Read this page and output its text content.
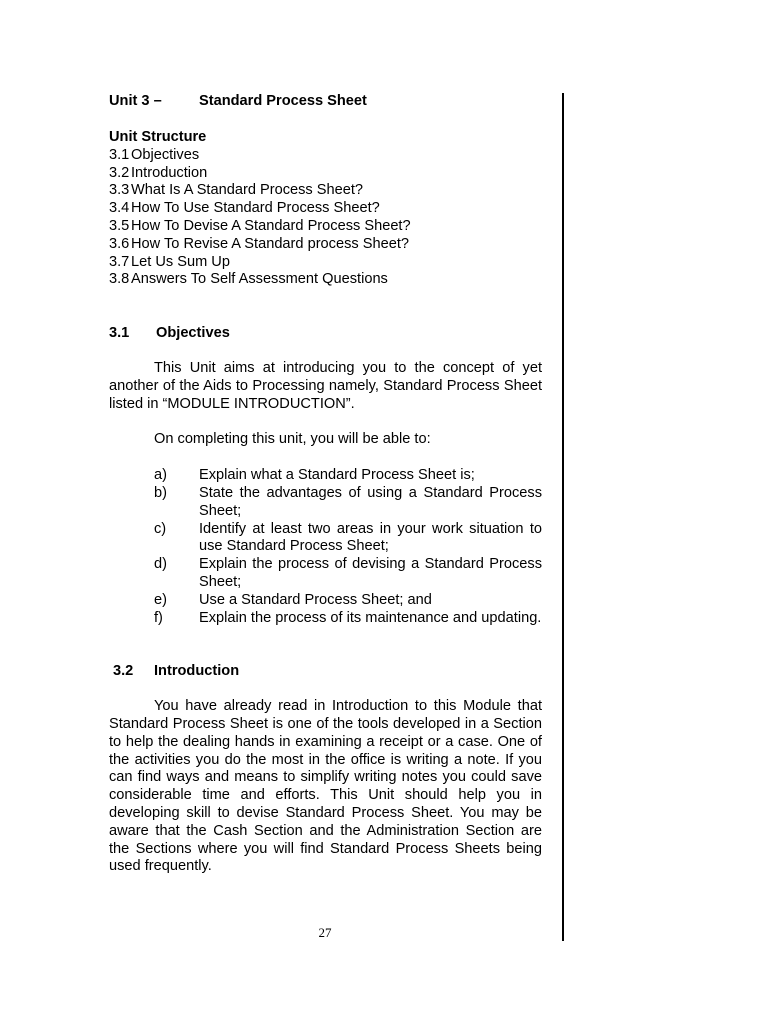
Unit 3 –	Standard Process Sheet
Unit Structure
3.1 Objectives
3.2 Introduction
3.3 What Is A Standard Process Sheet?
3.4 How To Use Standard Process Sheet?
3.5 How To Devise A Standard Process Sheet?
3.6 How To Revise A Standard process Sheet?
3.7 Let Us Sum Up
3.8 Answers To Self Assessment Questions
3.1	Objectives

This Unit aims at introducing you to the concept of yet another of the Aids to Processing namely, Standard Process Sheet listed in “MODULE INTRODUCTION”.

On completing this unit, you will be able to:

a)	Explain what a Standard Process Sheet is;
b)	State the advantages of using a Standard Process Sheet;
c)	Identify at least two areas in your work situation to use Standard Process Sheet;
d)	Explain the process of devising a Standard Process Sheet;
e)	Use a Standard Process Sheet; and
f)	Explain the process of its maintenance and updating.
3.2	Introduction

You have already read in Introduction to this Module that Standard Process Sheet is one of the tools developed in a Section to help the dealing hands in examining a receipt or a case. One of the activities you do the most in the office is writing a note. If you can find ways and means to simplify writing notes you could save considerable time and efforts. This Unit should help you in developing skill to devise Standard Process Sheet. You may be aware that the Cash Section and the Administration Section are the Sections where you will find Standard Process Sheets being used frequently.

27
